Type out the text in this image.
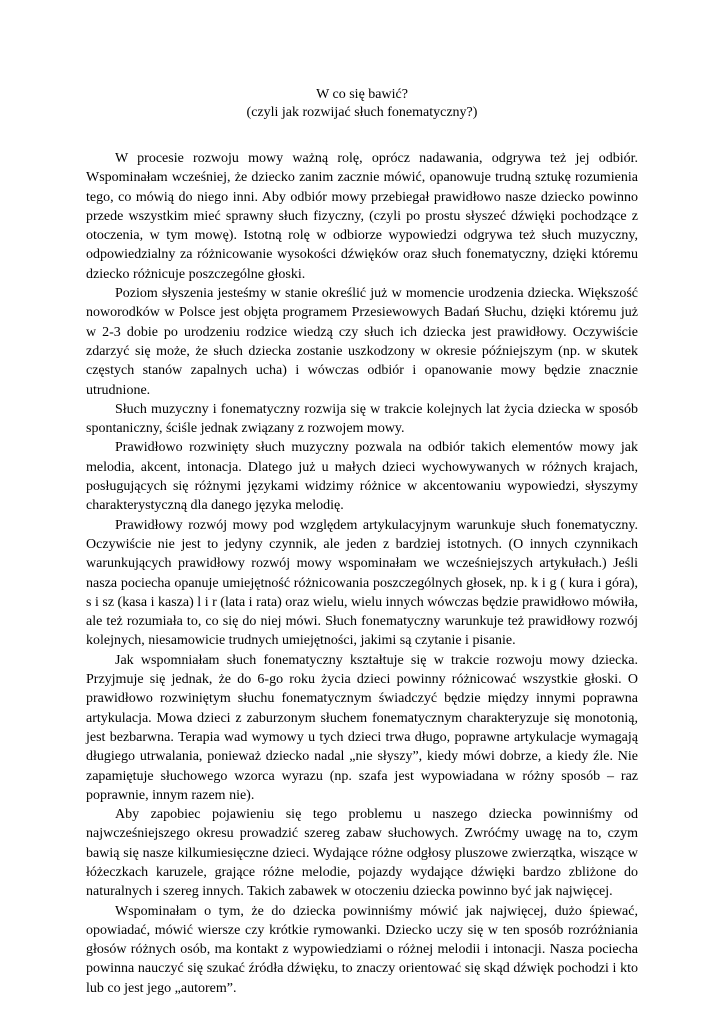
W co się bawić?
(czyli jak rozwijać słuch fonematyczny?)

W procesie rozwoju mowy ważną rolę, oprócz nadawania, odgrywa też jej odbiór. Wspominałam wcześniej, że dziecko zanim zacznie mówić, opanowuje trudną sztukę rozumienia tego, co mówią do niego inni. Aby odbiór mowy przebiegał prawidłowo nasze dziecko powinno przede wszystkim mieć sprawny słuch fizyczny, (czyli po prostu słyszeć dźwięki pochodzące z otoczenia, w tym mowę). Istotną rolę w odbiorze wypowiedzi odgrywa też słuch muzyczny, odpowiedzialny za różnicowanie wysokości dźwięków oraz słuch fonematyczny, dzięki któremu dziecko różnicuje poszczególne głoski.

Poziom słyszenia jesteśmy w stanie określić już w momencie urodzenia dziecka. Większość noworodków w Polsce jest objęta programem Przesiewowych Badań Słuchu, dzięki któremu już w 2-3 dobie po urodzeniu rodzice wiedzą czy słuch ich dziecka jest prawidłowy. Oczywiście zdarzyć się może, że słuch dziecka zostanie uszkodzony w okresie późniejszym (np. w skutek częstych stanów zapalnych ucha) i wówczas odbiór i opanowanie mowy będzie znacznie utrudnione.

Słuch muzyczny i fonematyczny rozwija się w trakcie kolejnych lat życia dziecka w sposób spontaniczny, ściśle jednak związany z rozwojem mowy.

Prawidłowo rozwinięty słuch muzyczny pozwala na odbiór takich elementów mowy jak melodia, akcent, intonacja. Dlatego już u małych dzieci wychowywanych w różnych krajach, posługujących się różnymi językami widzimy różnice w akcentowaniu wypowiedzi, słyszymy charakterystyczną dla danego języka melodię.

Prawidłowy rozwój mowy pod względem artykulacyjnym warunkuje słuch fonematyczny. Oczywiście nie jest to jedyny czynnik, ale jeden z bardziej istotnych. (O innych czynnikach warunkujących prawidłowy rozwój mowy wspominałam we wcześniejszych artykułach.) Jeśli nasza pociecha opanuje umiejętność różnicowania poszczególnych głosek, np. k i g ( kura i góra), s i sz (kasa i kasza) l i r (lata i rata) oraz wielu, wielu innych wówczas będzie prawidłowo mówiła, ale też rozumiała to, co się do niej mówi. Słuch fonematyczny warunkuje też prawidłowy rozwój kolejnych, niesamowicie trudnych umiejętności, jakimi są czytanie i pisanie.

Jak wspomniałam słuch fonematyczny kształtuje się w trakcie rozwoju mowy dziecka. Przyjmuje się jednak, że do 6-go roku życia dzieci powinny różnicować wszystkie głoski. O prawidłowo rozwiniętym słuchu fonematycznym świadczyć będzie między innymi poprawna artykulacja. Mowa dzieci z zaburzonym słuchem fonematycznym charakteryzuje się monotonią, jest bezbarwna. Terapia wad wymowy u tych dzieci trwa długo, poprawne artykulacje wymagają długiego utrwalania, ponieważ dziecko nadal „nie słyszy”, kiedy mówi dobrze, a kiedy źle. Nie zapamiętuje słuchowego wzorca wyrazu (np. szafa jest wypowiadana w różny sposób – raz poprawnie, innym razem nie).

Aby zapobiec pojawieniu się tego problemu u naszego dziecka powinniśmy od najwcześniejszego okresu prowadzić szereg zabaw słuchowych. Zwróćmy uwagę na to, czym bawią się nasze kilkumiesięczne dzieci. Wydające różne odgłosy pluszowe zwierzątka, wiszące w łóżeczkach karuzele, grające różne melodie, pojazdy wydające dźwięki bardzo zbliżone do naturalnych i szereg innych. Takich zabawek w otoczeniu dziecka powinno być jak najwięcej.

Wspominałam o tym, że do dziecka powinniśmy mówić jak najwięcej, dużo śpiewać, opowiadać, mówić wiersze czy krótkie rymowanki. Dziecko uczy się w ten sposób rozróżniania głosów różnych osób, ma kontakt z wypowiedziami o różnej melodii i intonacji. Nasza pociecha powinna nauczyć się szukać źródła dźwięku, to znaczy orientować się skąd dźwięk pochodzi i kto lub co jest jego „autorem”.
